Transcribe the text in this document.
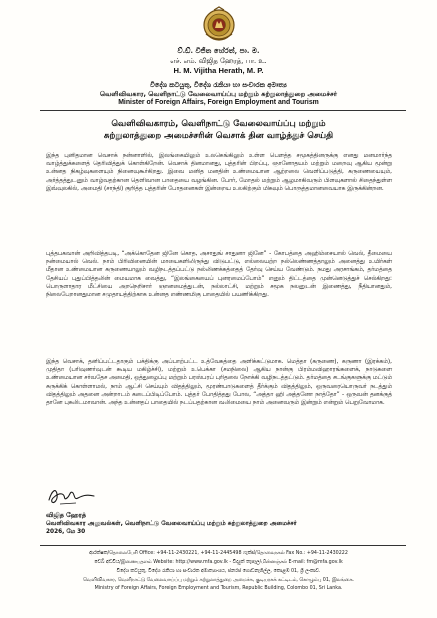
ව්.ඩ්. විජිත හේරත්, පා. ම.
எச். எம். விஜித ஹேரத், பா. உ.
H. M. Vijitha Herath, M. P.
විදේශ කටයුතු, විදේශ රැකියා හා සංචාරක අමාත්‍ය
வெளிவிவகார, வெளிநாட்டு வேலைவாய்ப்பு மற்றும் சுற்றுலாத்துறை அமைச்சர்
Minister of Foreign Affairs, Foreign Employment and Tourism
வெளிவிவகாரம், வெளிநாட்டு வேலைவாய்ப்பு மற்றும்
சுற்றுலாத்துறை அமைச்சரின் வெசாக் தின வாழ்த்துச் செய்தி
இந்த புனிதமான வெசாக் நன்னாளில், இலங்கையிலும் உலகெங்கிலும் உள்ள பௌத்த சமூகத்தினருக்கு எனது மனமார்ந்த வாழ்த்துக்களைத் தெரிவித்துக் கொள்கிறேன். வெசாக் தினமானது, புத்தரின் பிறப்பு, ஞானோதயம் மற்றும் மறைவு ஆகிய மூன்று உன்னத நிகழ்வுகளையும் நினைவுகூர்கிறது. இவை மனித மனதின் உண்மையான ஆற்றலை வெளிப்படுத்தி, கருணையையும், அர்த்தத்துடனும் வாழ்வதற்கான தெளிவான பாதையை வழங்கின. போர், மோதல் மற்றும் ஆழமாகிவரும் பிளவுகளால் சிதைந்துள்ள இவ்வுலகில், அமைதி (சாந்தி) குறித்த புத்தரின் போதனைகள் இன்றைய உலகிற்கும் மிகவும் பொருத்தமானவையாக இருக்கின்றன.
புத்தபகவான் அறிவித்தபடி, “அக்கொதேன ஜினே கொத, அசாதுங் சாதுனா ஜினே” - கோபத்தை அஹிம்சையால் வெல், தீமையை நன்மையால் வெல். நாம் பிரிவினையின் மாயைகளிலிருந்து விடுபட்டு, எல்லையற்ற நல்லெண்ணத்தாலும் அனைத்து உயிர்கள் மீதான உண்மையான கருணையாலும் வழிநடத்தப்பட்டு நல்லிணக்கத்தைத் தேர்வு செய்ய வேண்டும். நமது அரசாங்கம், தர்மத்தை தேசியப் புதுப்பித்தலின் மையமாக வைத்து, “இலங்கையைப் புனரமைப்போம்” எனும் திட்டத்தை முன்னெடுத்துச் செல்கிறது: பொருளாதார மீட்சியை அறநெறிசார் ஞானமைத்துடன், நல்லாட்சி, மற்றும் சமூக நலனுடன் இணைத்து, நீதியானதும், நிலைபேறானதுமான சமுதாயத்திற்காக உன்னத எண்ணமிகு பாதையில் பயணிக்கிறது.
இந்த வெசாக், தனிப்பட்டதாகும் பக்திக்கு அப்பாற்பட்ட உத்வேகத்தை அளிக்கட்டுமாக. மெத்தா (கருணை), கருணா (இரக்கம்), முதிதா (பரிவுணர்வுடன் கூடிய மகிழ்ச்சி), மற்றும் உபெக்கா (சமநிலை) ஆகிய நான்கு பிரம்மவிஹாரங்களைக், நாடுகளை உண்மையான சர்வதேச அமைதி, ஒத்துழைப்பு மற்றும் பரஸ்பரப் புரிதலை நோக்கி வழிநடத்தட்டும். தர்மத்தை சடங்குகளுக்கு மட்டும் சுருக்கிக் கொள்ளாமல், நாம் ஆட்சி செய்யும் விதத்திலும், மூரண்பாடுகளைத் தீர்க்கும் விதத்திலும், ஒருவரையொருவர் நடத்தும் விதத்திலும் அதனை அன்றாடம் கடைப்பிடிப்போம். புத்தர் போதித்தது போல, “அத்தா ஹி அத்தனோ நாத்தோ” - ஒருவன் தனக்குத் தானே புகலிடமாவான். அந்த உன்னதப் பாதையில் நடப்பதற்கான வலிமையை நாம் அனைவரும் இன்றும் என்றும் பெறுவோமாக.
விஜித ஹேரத்
வெளிவிவகார அலுவல்கள், வெளிநாட்டு வேலைவாய்ப்பு மற்றும் சுற்றுலாத்துறை அமைச்சர்
2026, மே 30
ආරක්ෂක/தொலைபேசி Office: +94-11-2430221, +94-11-2445498 ෆැක්ස්/தொலைநகல் Fax No.: +94-11-2430222
වෙබ් අඩවිය/இணையதளம் Website: http://www.mfa.gov.lk - විද්‍යුත් තැපෑල/மின்னஞ்சல் E-mail: fm@mfa.gov.lk
විදේශ කටයුතු, විදේශ රැකියා හා සංචාරක අමාත්‍යාංශය, ජනරජ ගොඩනැගිල්ල, කොළඹ 01, ශ්‍රී ලංකාව.
வெளிவிவகார, வெளிநாட்டு வேலைவாய்ப்பு மற்றும் சுற்றுலாத்துறை அமைச்சு, குடியரசுக் கட்டிடம், கொழும்பு 01, இலங்கை.
Ministry of Foreign Affairs, Foreign Employment and Tourism, Republic Building, Colombo 01, Sri Lanka.
